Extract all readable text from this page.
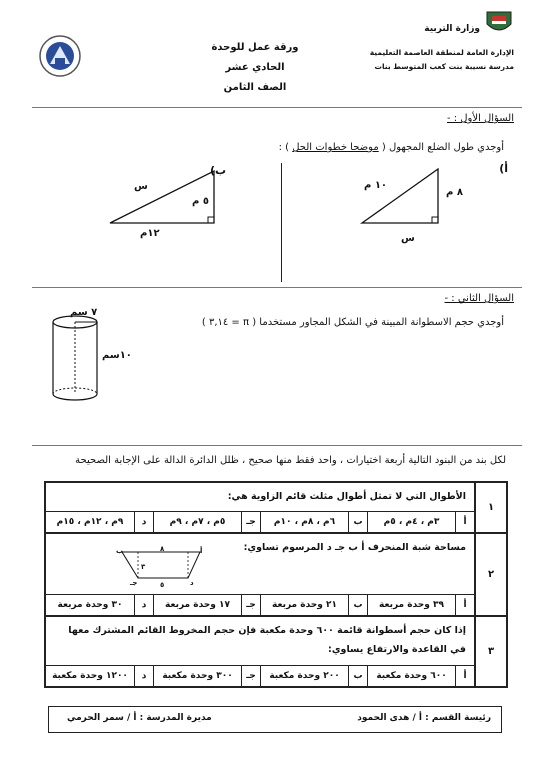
وزارة التربية
الإدارة العامة لمنطقة العاصمة التعليمية
مدرسة نسيبة بنت كعب المتوسط بنات
ورقة عمل للوحدة الحادي عشر
الصف الثامن
السؤال الأول : -
أوجدي طول الضلع المجهول ( موضحا خطوات الحل ) :
أ)
ب)
١٠ م
٨ م
س
س
٥ م
١٢م
السؤال الثاني : -
أوجدي حجم الاسطوانة المبينة في الشكل المجاور مستخدما ( π = ٣,١٤ )
٧ سم
١٠سم
لكل بند من البنود التالية أربعة اختيارات ، واحد فقط منها صحيح ، ظلل الدائرة الدالة على الإجابة الصحيحة
١
الأطوال التي لا تمثل أطوال مثلث قائم الزاوية هي:
أ
٣م ، ٤م ، ٥م
ب
٦م ، ٨م ، ١٠م
جـ
٥م ، ٧م ، ٩م
د
٩م ، ١٢م ، ١٥م
٢
مساحة شبة المنحرف أ ب جـ د المرسوم تساوي:
أ
ب
جـ	د
٨
٣
٥
أ
٣٩ وحدة مربعة
ب
٢١ وحدة مربعة
جـ
١٧ وحدة مربعة
د
٣٠ وحدة مربعة
٣
إذا كان حجم أسطوانة قائمة ٦٠٠ وحدة مكعبة فإن حجم المخروط القائم المشترك معها في القاعدة والارتفاع يساوي:
أ
٦٠٠ وحدة مكعبة
ب
٢٠٠ وحدة مكعبة
جـ
٣٠٠ وحدة مكعبة
د
١٢٠٠ وحدة مكعبة
رئيسة القسم : أ / هدى الحمود
مديرة المدرسة : أ / سمر الحرمي
